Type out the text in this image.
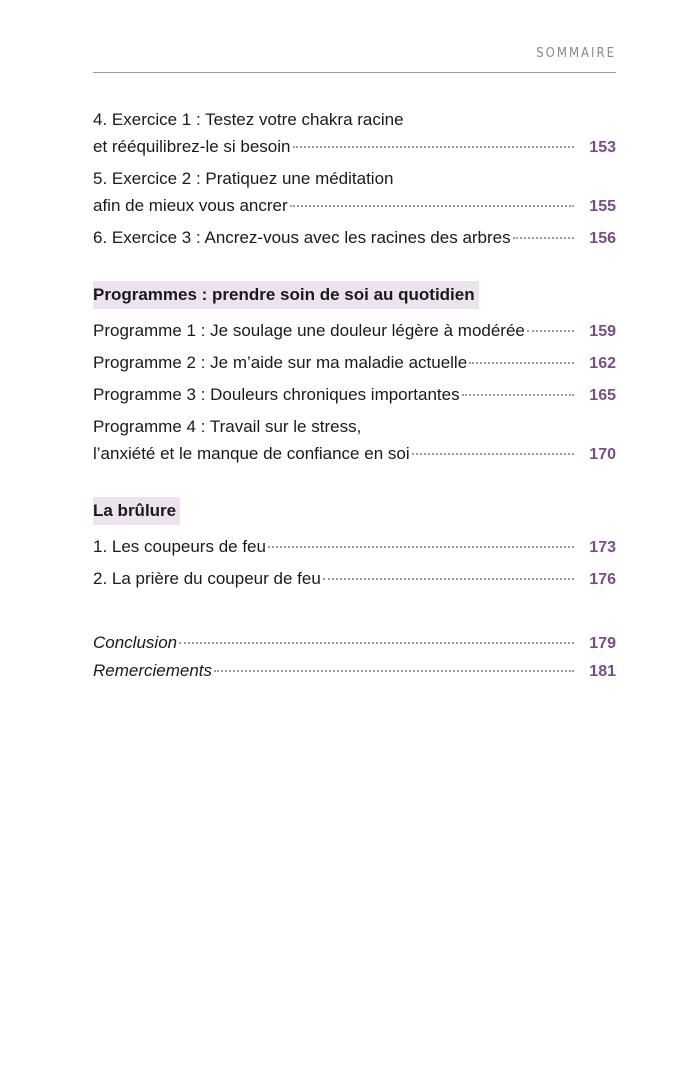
SOMMAIRE
4. Exercice 1 : Testez votre chakra racine
et rééquilibrez-le si besoin	153
5. Exercice 2 : Pratiquez une méditation
afin de mieux vous ancrer	155
6. Exercice 3 : Ancrez-vous avec les racines des arbres	156
Programmes : prendre soin de soi au quotidien
Programme 1 : Je soulage une douleur légère à modérée	159
Programme 2 : Je m’aide sur ma maladie actuelle	162
Programme 3 : Douleurs chroniques importantes	165
Programme 4 : Travail sur le stress,
l’anxiété et le manque de confiance en soi	170
La brûlure
1. Les coupeurs de feu	173
2. La prière du coupeur de feu	176
Conclusion	179
Remerciements	181
